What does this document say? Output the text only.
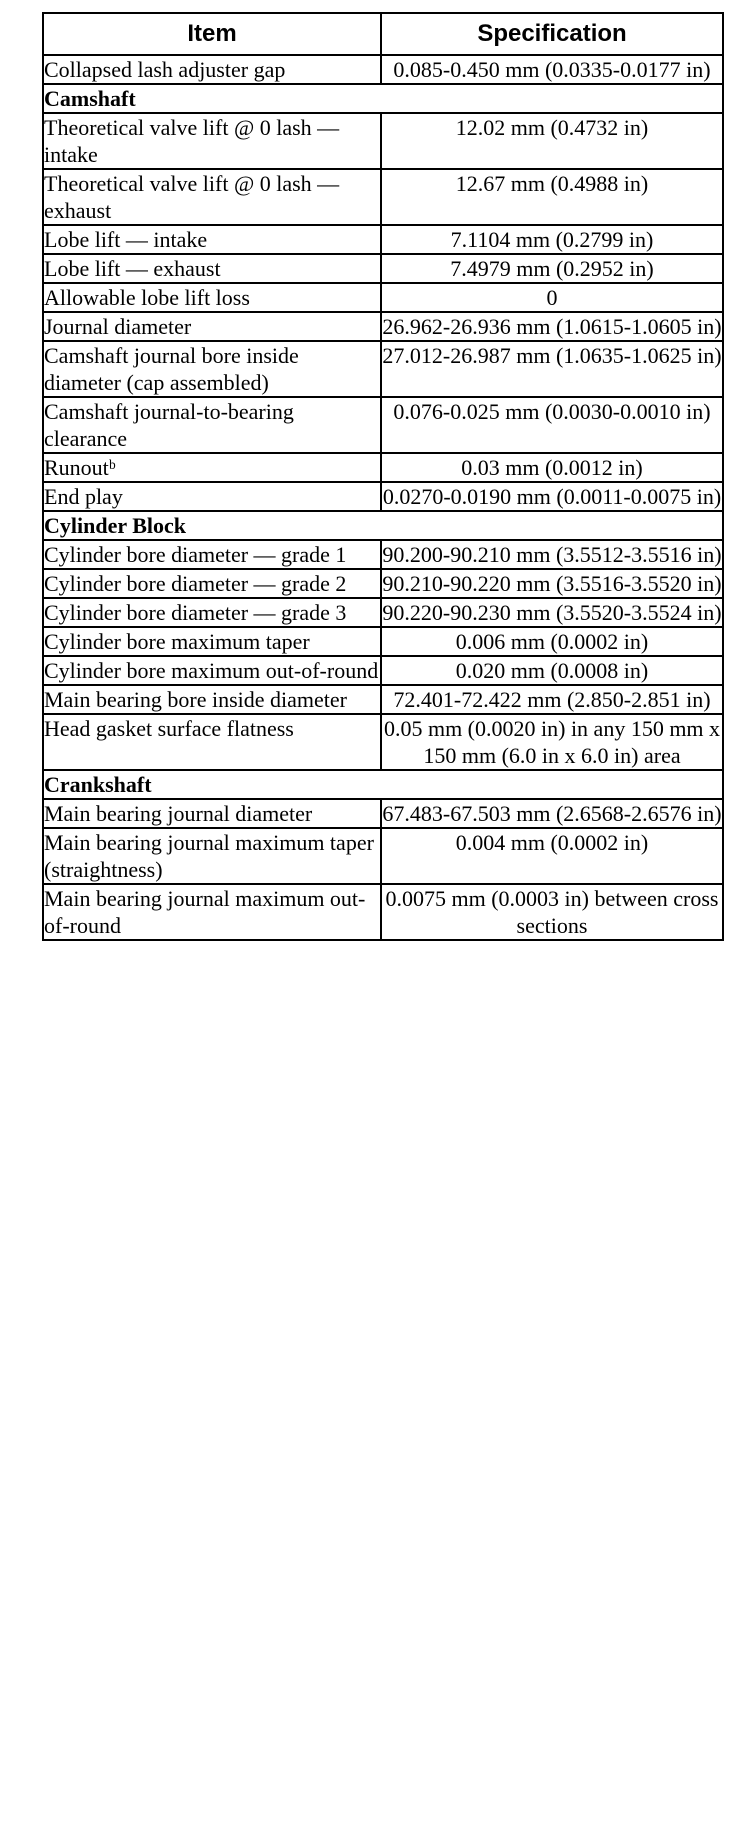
Item	Specification
Collapsed lash adjuster gap	0.085-0.450 mm (0.0335-0.0177 in)
Camshaft	
Theoretical valve lift @ 0 lash — intake	12.02 mm (0.4732 in)
Theoretical valve lift @ 0 lash — exhaust	12.67 mm (0.4988 in)
Lobe lift — intake	7.1104 mm (0.2799 in)
Lobe lift — exhaust	7.4979 mm (0.2952 in)
Allowable lobe lift loss	0
Journal diameter	26.962-26.936 mm (1.0615-1.0605 in)
Camshaft journal bore inside diameter (cap assembled)	27.012-26.987 mm (1.0635-1.0625 in)
Camshaft journal-to-bearing clearance	0.076-0.025 mm (0.0030-0.0010 in)
Runoutᵇ	0.03 mm (0.0012 in)
End play	0.0270-0.0190 mm (0.0011-0.0075 in)
Cylinder Block	
Cylinder bore diameter — grade 1	90.200-90.210 mm (3.5512-3.5516 in)
Cylinder bore diameter — grade 2	90.210-90.220 mm (3.5516-3.5520 in)
Cylinder bore diameter — grade 3	90.220-90.230 mm (3.5520-3.5524 in)
Cylinder bore maximum taper	0.006 mm (0.0002 in)
Cylinder bore maximum out-of-round	0.020 mm (0.0008 in)
Main bearing bore inside diameter	72.401-72.422 mm (2.850-2.851 in)
Head gasket surface flatness	0.05 mm (0.0020 in) in any 150 mm x 150 mm (6.0 in x 6.0 in) area
Crankshaft	
Main bearing journal diameter	67.483-67.503 mm (2.6568-2.6576 in)
Main bearing journal maximum taper (straightness)	0.004 mm (0.0002 in)
Main bearing journal maximum out-of-round	0.0075 mm (0.0003 in) between cross sections
